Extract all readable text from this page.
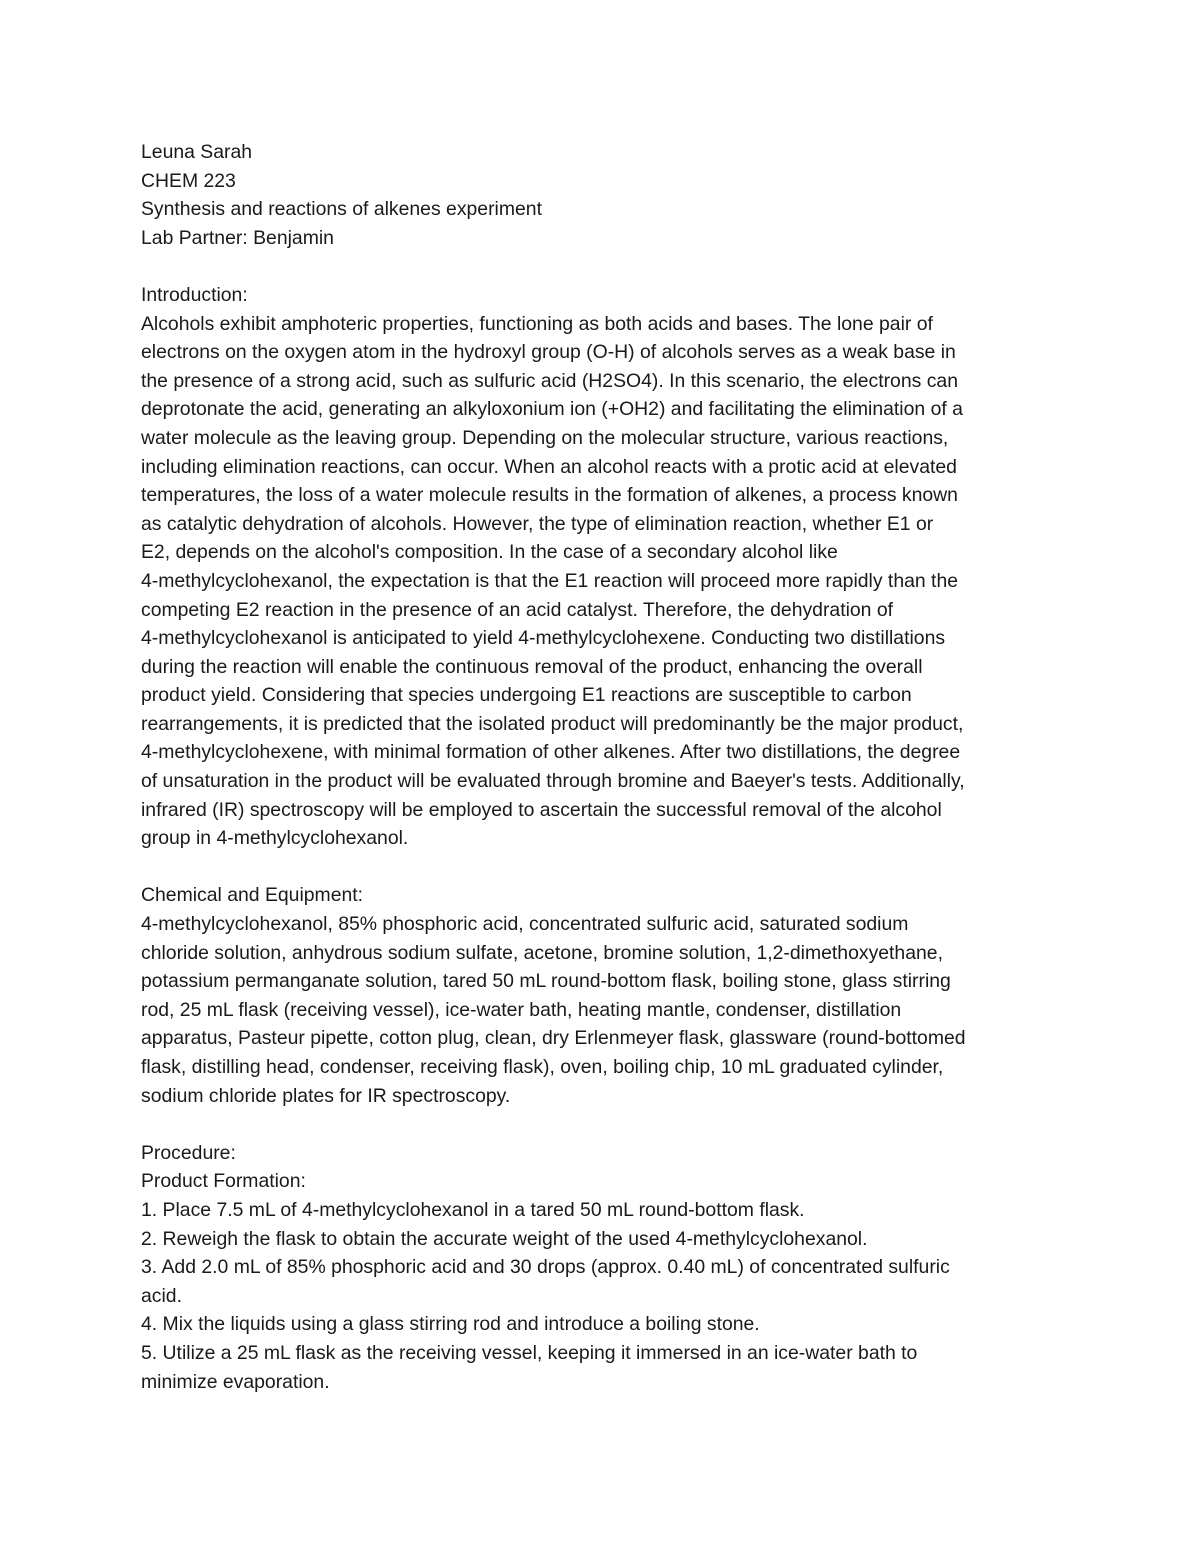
Leuna Sarah
CHEM 223
Synthesis and reactions of alkenes experiment
Lab Partner: Benjamin
Introduction:
Alcohols exhibit amphoteric properties, functioning as both acids and bases. The lone pair of
electrons on the oxygen atom in the hydroxyl group (O-H) of alcohols serves as a weak base in
the presence of a strong acid, such as sulfuric acid (H2SO4). In this scenario, the electrons can
deprotonate the acid, generating an alkyloxonium ion (+OH2) and facilitating the elimination of a
water molecule as the leaving group. Depending on the molecular structure, various reactions,
including elimination reactions, can occur. When an alcohol reacts with a protic acid at elevated
temperatures, the loss of a water molecule results in the formation of alkenes, a process known
as catalytic dehydration of alcohols. However, the type of elimination reaction, whether E1 or
E2, depends on the alcohol's composition. In the case of a secondary alcohol like
4-methylcyclohexanol, the expectation is that the E1 reaction will proceed more rapidly than the
competing E2 reaction in the presence of an acid catalyst. Therefore, the dehydration of
4-methylcyclohexanol is anticipated to yield 4-methylcyclohexene. Conducting two distillations
during the reaction will enable the continuous removal of the product, enhancing the overall
product yield. Considering that species undergoing E1 reactions are susceptible to carbon
rearrangements, it is predicted that the isolated product will predominantly be the major product,
4-methylcyclohexene, with minimal formation of other alkenes. After two distillations, the degree
of unsaturation in the product will be evaluated through bromine and Baeyer's tests. Additionally,
infrared (IR) spectroscopy will be employed to ascertain the successful removal of the alcohol
group in 4-methylcyclohexanol.
Chemical and Equipment:
4-methylcyclohexanol, 85% phosphoric acid, concentrated sulfuric acid, saturated sodium
chloride solution, anhydrous sodium sulfate, acetone, bromine solution, 1,2-dimethoxyethane,
potassium permanganate solution, tared 50 mL round-bottom flask, boiling stone, glass stirring
rod, 25 mL flask (receiving vessel), ice-water bath, heating mantle, condenser, distillation
apparatus, Pasteur pipette, cotton plug, clean, dry Erlenmeyer flask, glassware (round-bottomed
flask, distilling head, condenser, receiving flask), oven, boiling chip, 10 mL graduated cylinder,
sodium chloride plates for IR spectroscopy.
Procedure:
Product Formation:
1. Place 7.5 mL of 4-methylcyclohexanol in a tared 50 mL round-bottom flask.
2. Reweigh the flask to obtain the accurate weight of the used 4-methylcyclohexanol.
3. Add 2.0 mL of 85% phosphoric acid and 30 drops (approx. 0.40 mL) of concentrated sulfuric
acid.
4. Mix the liquids using a glass stirring rod and introduce a boiling stone.
5. Utilize a 25 mL flask as the receiving vessel, keeping it immersed in an ice-water bath to
minimize evaporation.
